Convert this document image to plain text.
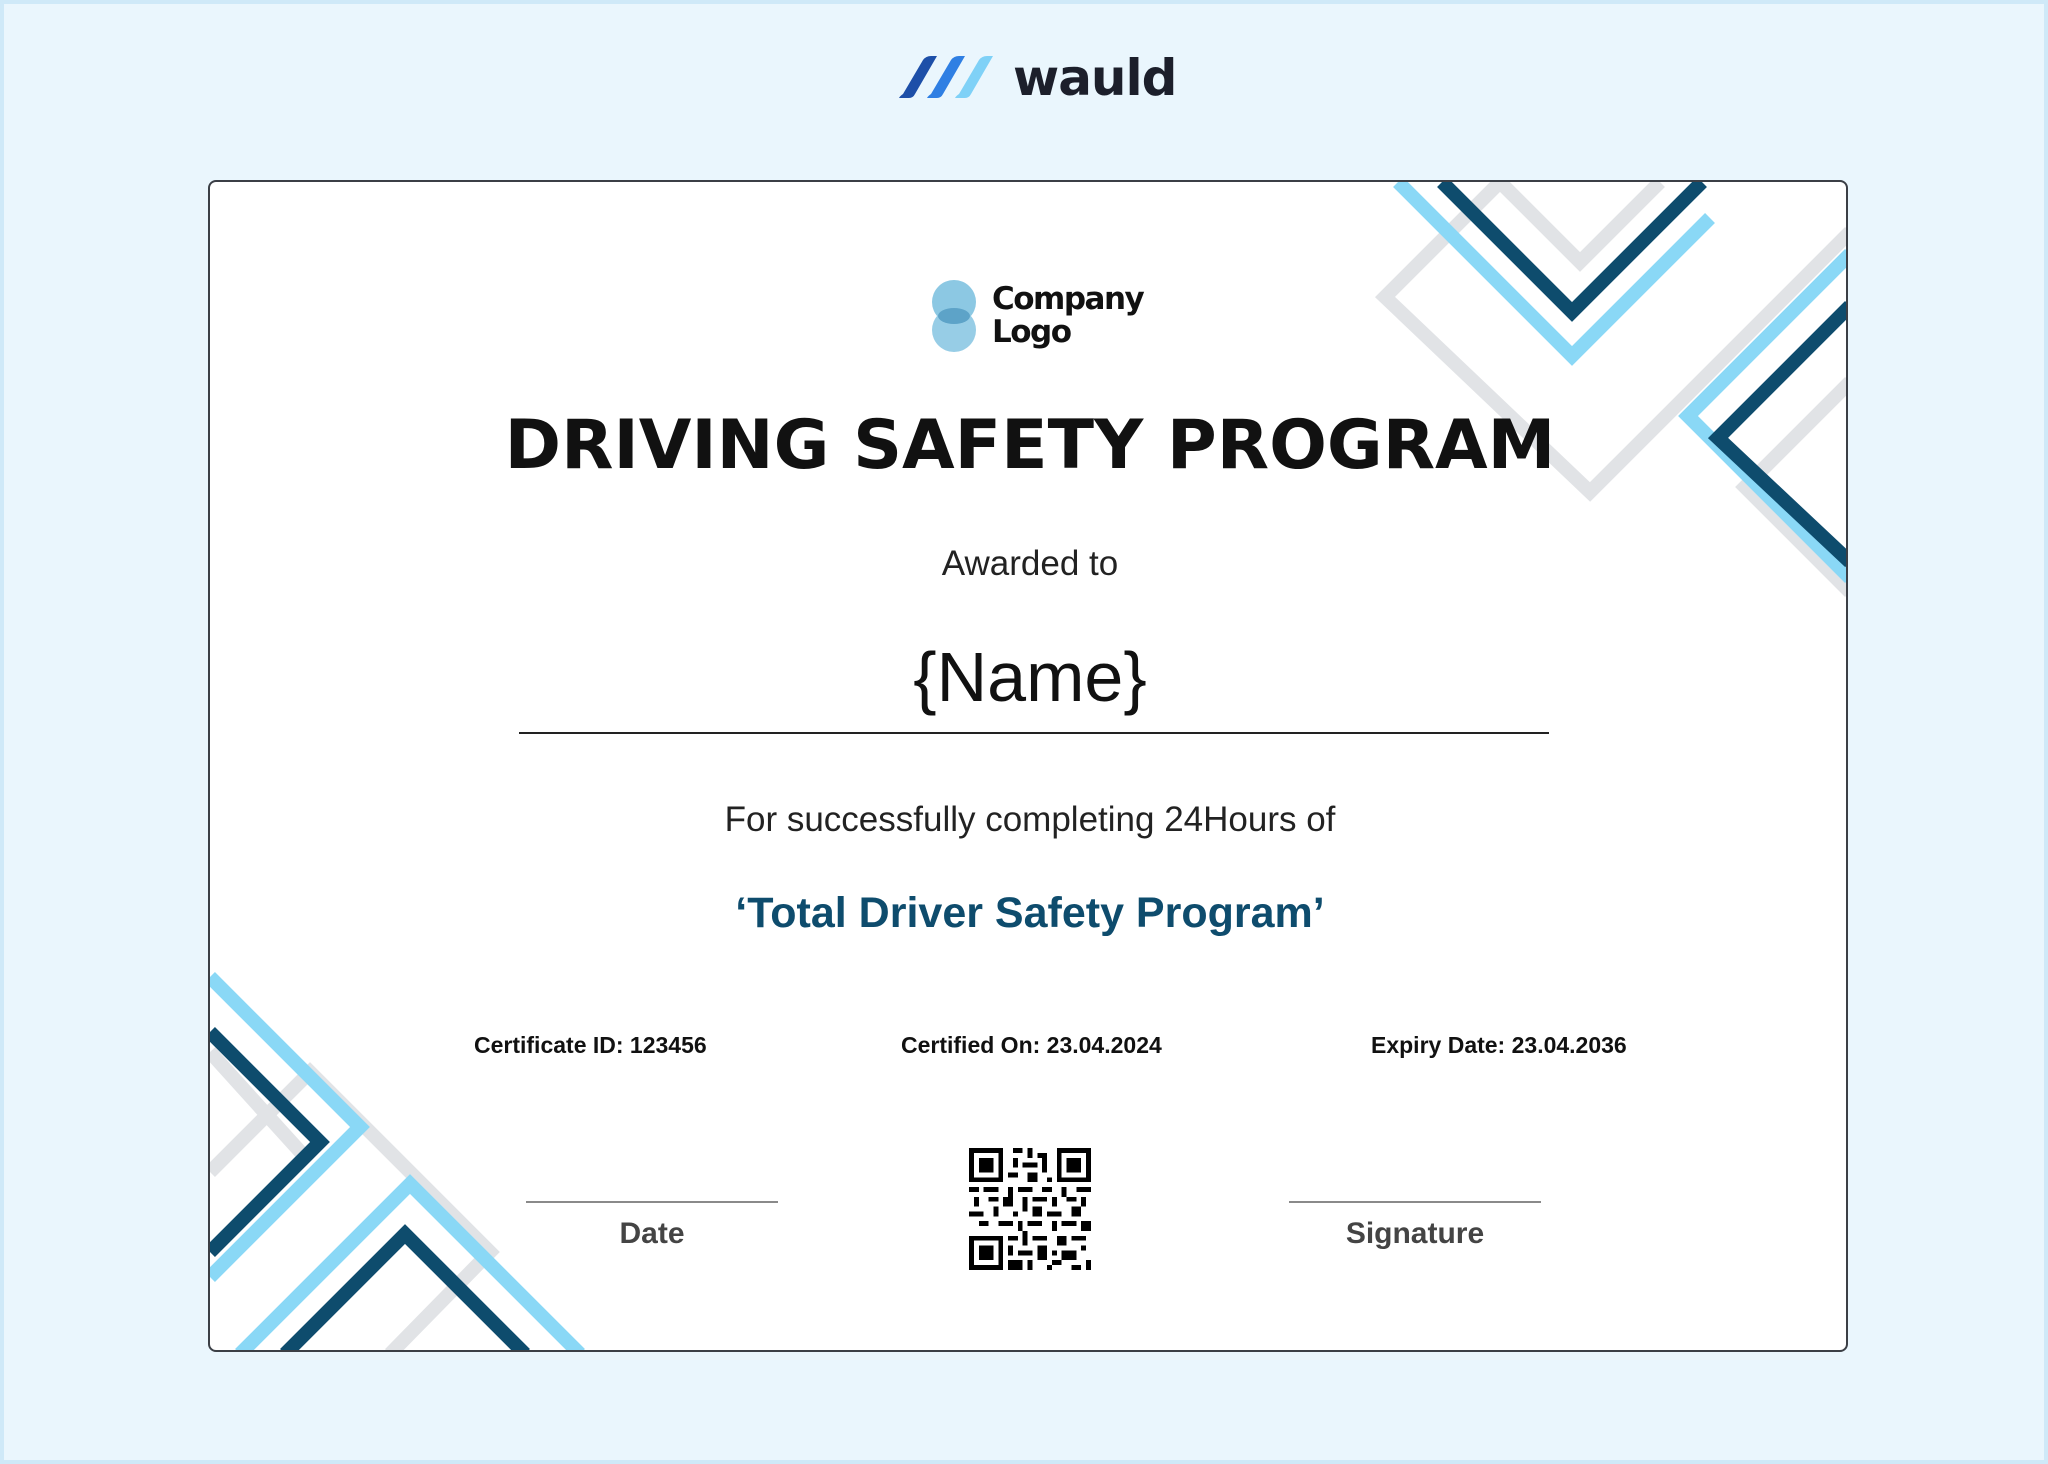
wauld
Company
Logo
DRIVING SAFETY PROGRAM
Awarded to
{Name}
For successfully completing 24Hours of
‘Total Driver Safety Program’
Certificate ID: 123456	Certified On: 23.04.2024	Expiry Date: 23.04.2036
Date	Signature
